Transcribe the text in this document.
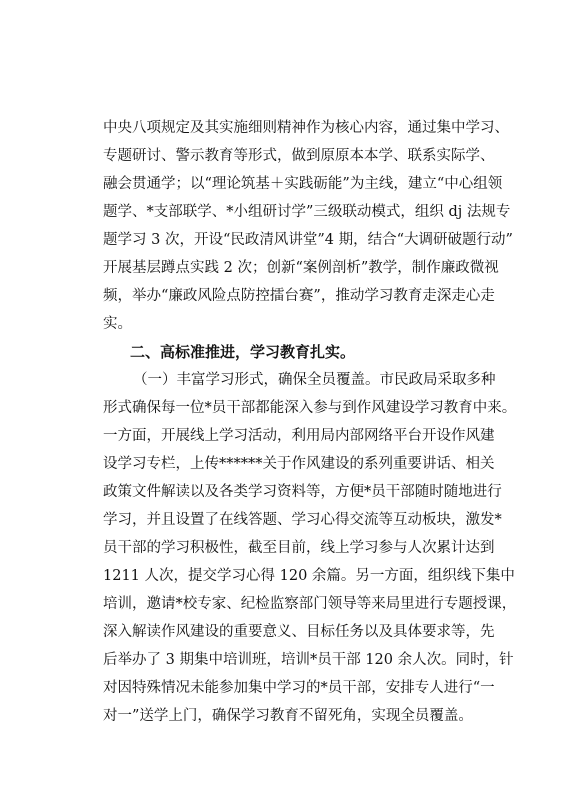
中央八项规定及其实施细则精神作为核心内容，通过集中学习、
专题研讨、警示教育等形式，做到原原本本学、联系实际学、
融会贯通学；以“理论筑基＋实践砺能”为主线，建立“中心组领
题学、*支部联学、*小组研讨学”三级联动模式，组织 dj 法规专
题学习 3 次，开设“民政清风讲堂”4 期，结合“大调研破题行动”
开展基层蹲点实践 2 次；创新“案例剖析”教学，制作廉政微视
频，举办“廉政风险点防控擂台赛”，推动学习教育走深走心走
实。
二、高标准推进，学习教育扎实。
（一）丰富学习形式，确保全员覆盖。市民政局采取多种
形式确保每一位*员干部都能深入参与到作风建设学习教育中来。
一方面，开展线上学习活动，利用局内部网络平台开设作风建
设学习专栏，上传******关于作风建设的系列重要讲话、相关
政策文件解读以及各类学习资料等，方便*员干部随时随地进行
学习，并且设置了在线答题、学习心得交流等互动板块，激发*
员干部的学习积极性，截至目前，线上学习参与人次累计达到
1211 人次，提交学习心得 120 余篇。另一方面，组织线下集中
培训，邀请*校专家、纪检监察部门领导等来局里进行专题授课，
深入解读作风建设的重要意义、目标任务以及具体要求等，先
后举办了 3 期集中培训班，培训*员干部 120 余人次。同时，针
对因特殊情况未能参加集中学习的*员干部，安排专人进行“一
对一”送学上门，确保学习教育不留死角，实现全员覆盖。
